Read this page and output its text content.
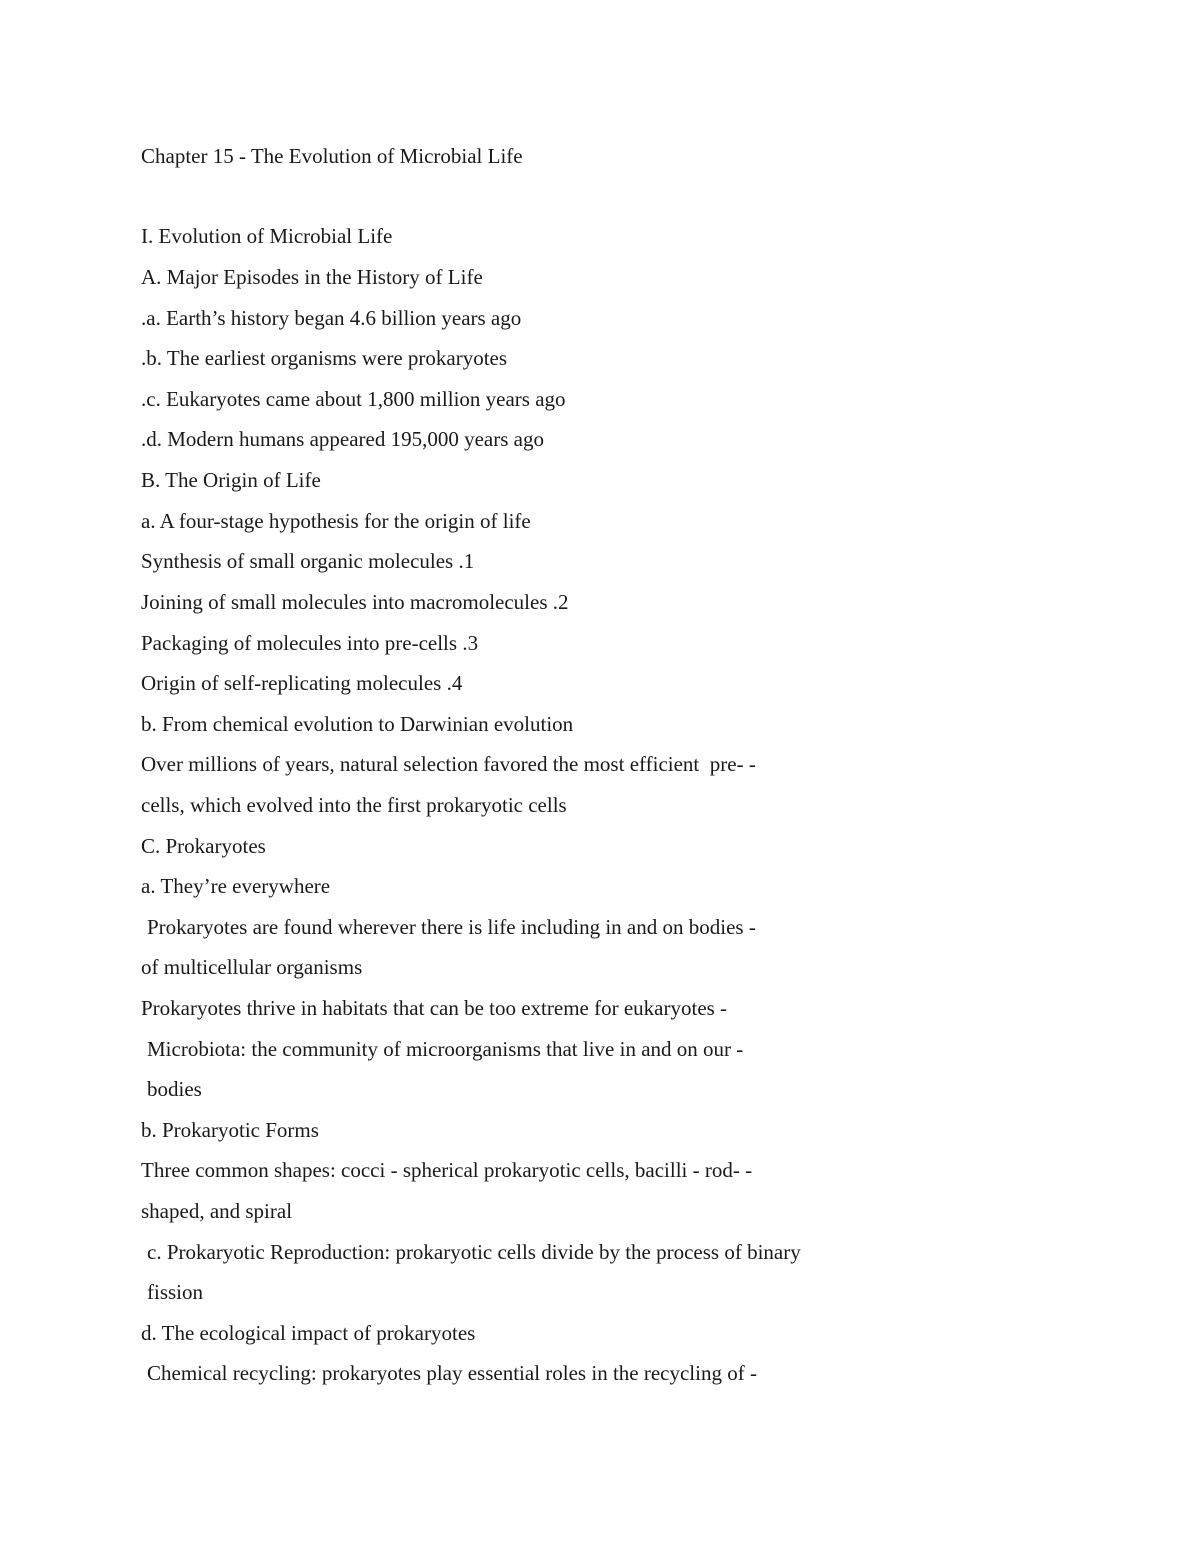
Chapter 15 - The Evolution of Microbial Life
I. Evolution of Microbial Life
A. Major Episodes in the History of Life
.a. Earth’s history began 4.6 billion years ago
.b. The earliest organisms were prokaryotes
.c. Eukaryotes came about 1,800 million years ago
.d. Modern humans appeared 195,000 years ago
B. The Origin of Life
a. A four-stage hypothesis for the origin of life
Synthesis of small organic molecules .1
Joining of small molecules into macromolecules .2
Packaging of molecules into pre-cells .3
Origin of self-replicating molecules .4
b. From chemical evolution to Darwinian evolution
Over millions of years, natural selection favored the most efficient  pre- -
cells, which evolved into the first prokaryotic cells
C. Prokaryotes
a. They’re everywhere
Prokaryotes are found wherever there is life including in and on bodies -
of multicellular organisms
Prokaryotes thrive in habitats that can be too extreme for eukaryotes -
Microbiota: the community of microorganisms that live in and on our -
bodies
b. Prokaryotic Forms
Three common shapes: cocci - spherical prokaryotic cells, bacilli - rod- -
shaped, and spiral
c. Prokaryotic Reproduction: prokaryotic cells divide by the process of binary
fission
d. The ecological impact of prokaryotes
Chemical recycling: prokaryotes play essential roles in the recycling of -
